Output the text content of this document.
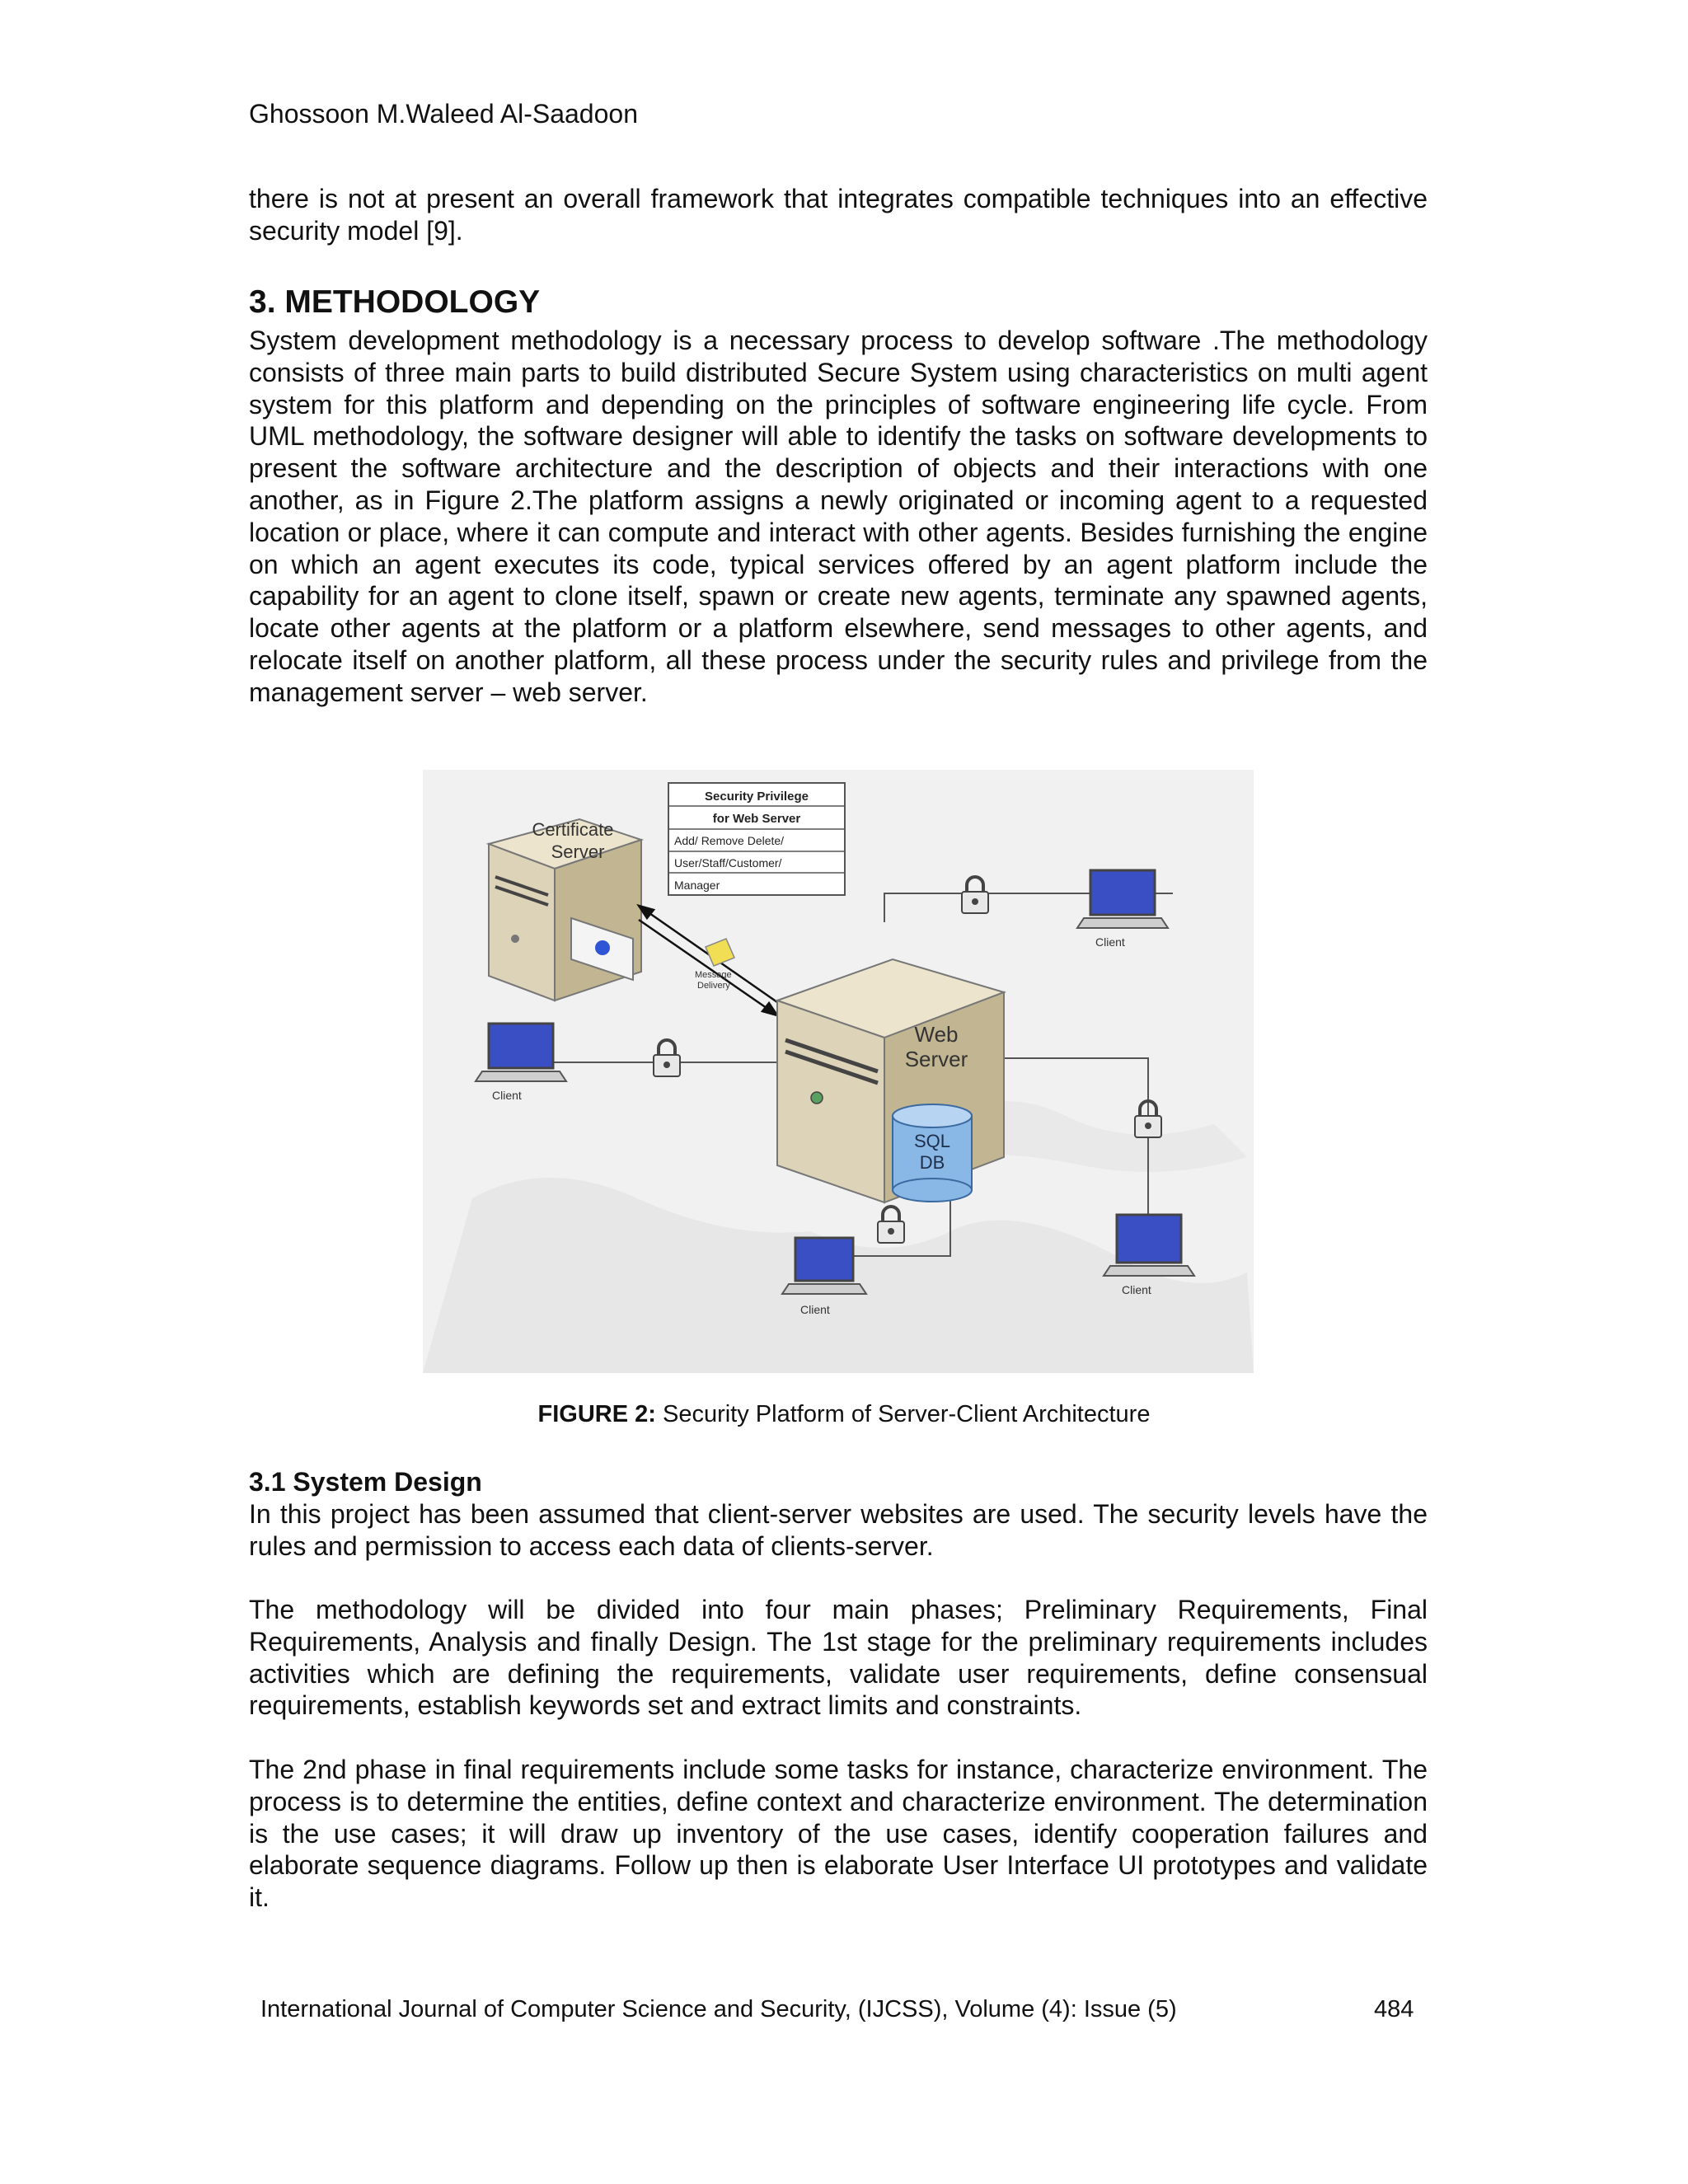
Ghossoon M.Waleed Al-Saadoon

there is not at present an overall framework that integrates compatible techniques into an effective security model [9].

3. METHODOLOGY

System development methodology is a necessary process to develop software .The methodology consists of three main parts to build distributed Secure System using characteristics on multi agent system for this platform and depending on the principles of software engineering life cycle. From UML methodology, the software designer will able to identify the tasks on software developments to present the software architecture and the description of objects and their interactions with one another, as in Figure 2.The platform assigns a newly originated or incoming agent to a requested location or place, where it can compute and interact with other agents. Besides furnishing the engine on which an agent executes its code, typical services offered by an agent platform include the capability for an agent to clone itself, spawn or create new agents, terminate any spawned agents, locate other agents at the platform or a platform elsewhere, send messages to other agents, and relocate itself on another platform, all these process under the security rules and privilege from the management server – web server.

Certificate
Server
Security Privilege
for Web Server
Add/ Remove Delete/
User/Staff/Customer/
Manager
Message
Delivery
Web
Server
SQL
DB
Client
Client
Client
Client
FIGURE 2: Security Platform of Server-Client Architecture
3.1 System Design

In this project has been assumed that client-server websites are used. The security levels have the rules and permission to access each data of clients-server.

The methodology will be divided into four main phases; Preliminary Requirements, Final Requirements, Analysis and finally Design. The 1st stage for the preliminary requirements includes activities which are defining the requirements, validate user requirements, define consensual requirements, establish keywords set and extract limits and constraints.

The 2nd phase in final requirements include some tasks for instance, characterize environment. The process is to determine the entities, define context and characterize environment. The determination is the use cases; it will draw up inventory of the use cases, identify cooperation failures and elaborate sequence diagrams. Follow up then is elaborate User Interface UI prototypes and validate it.

International Journal of Computer Science and Security, (IJCSS), Volume (4): Issue (5)	484
